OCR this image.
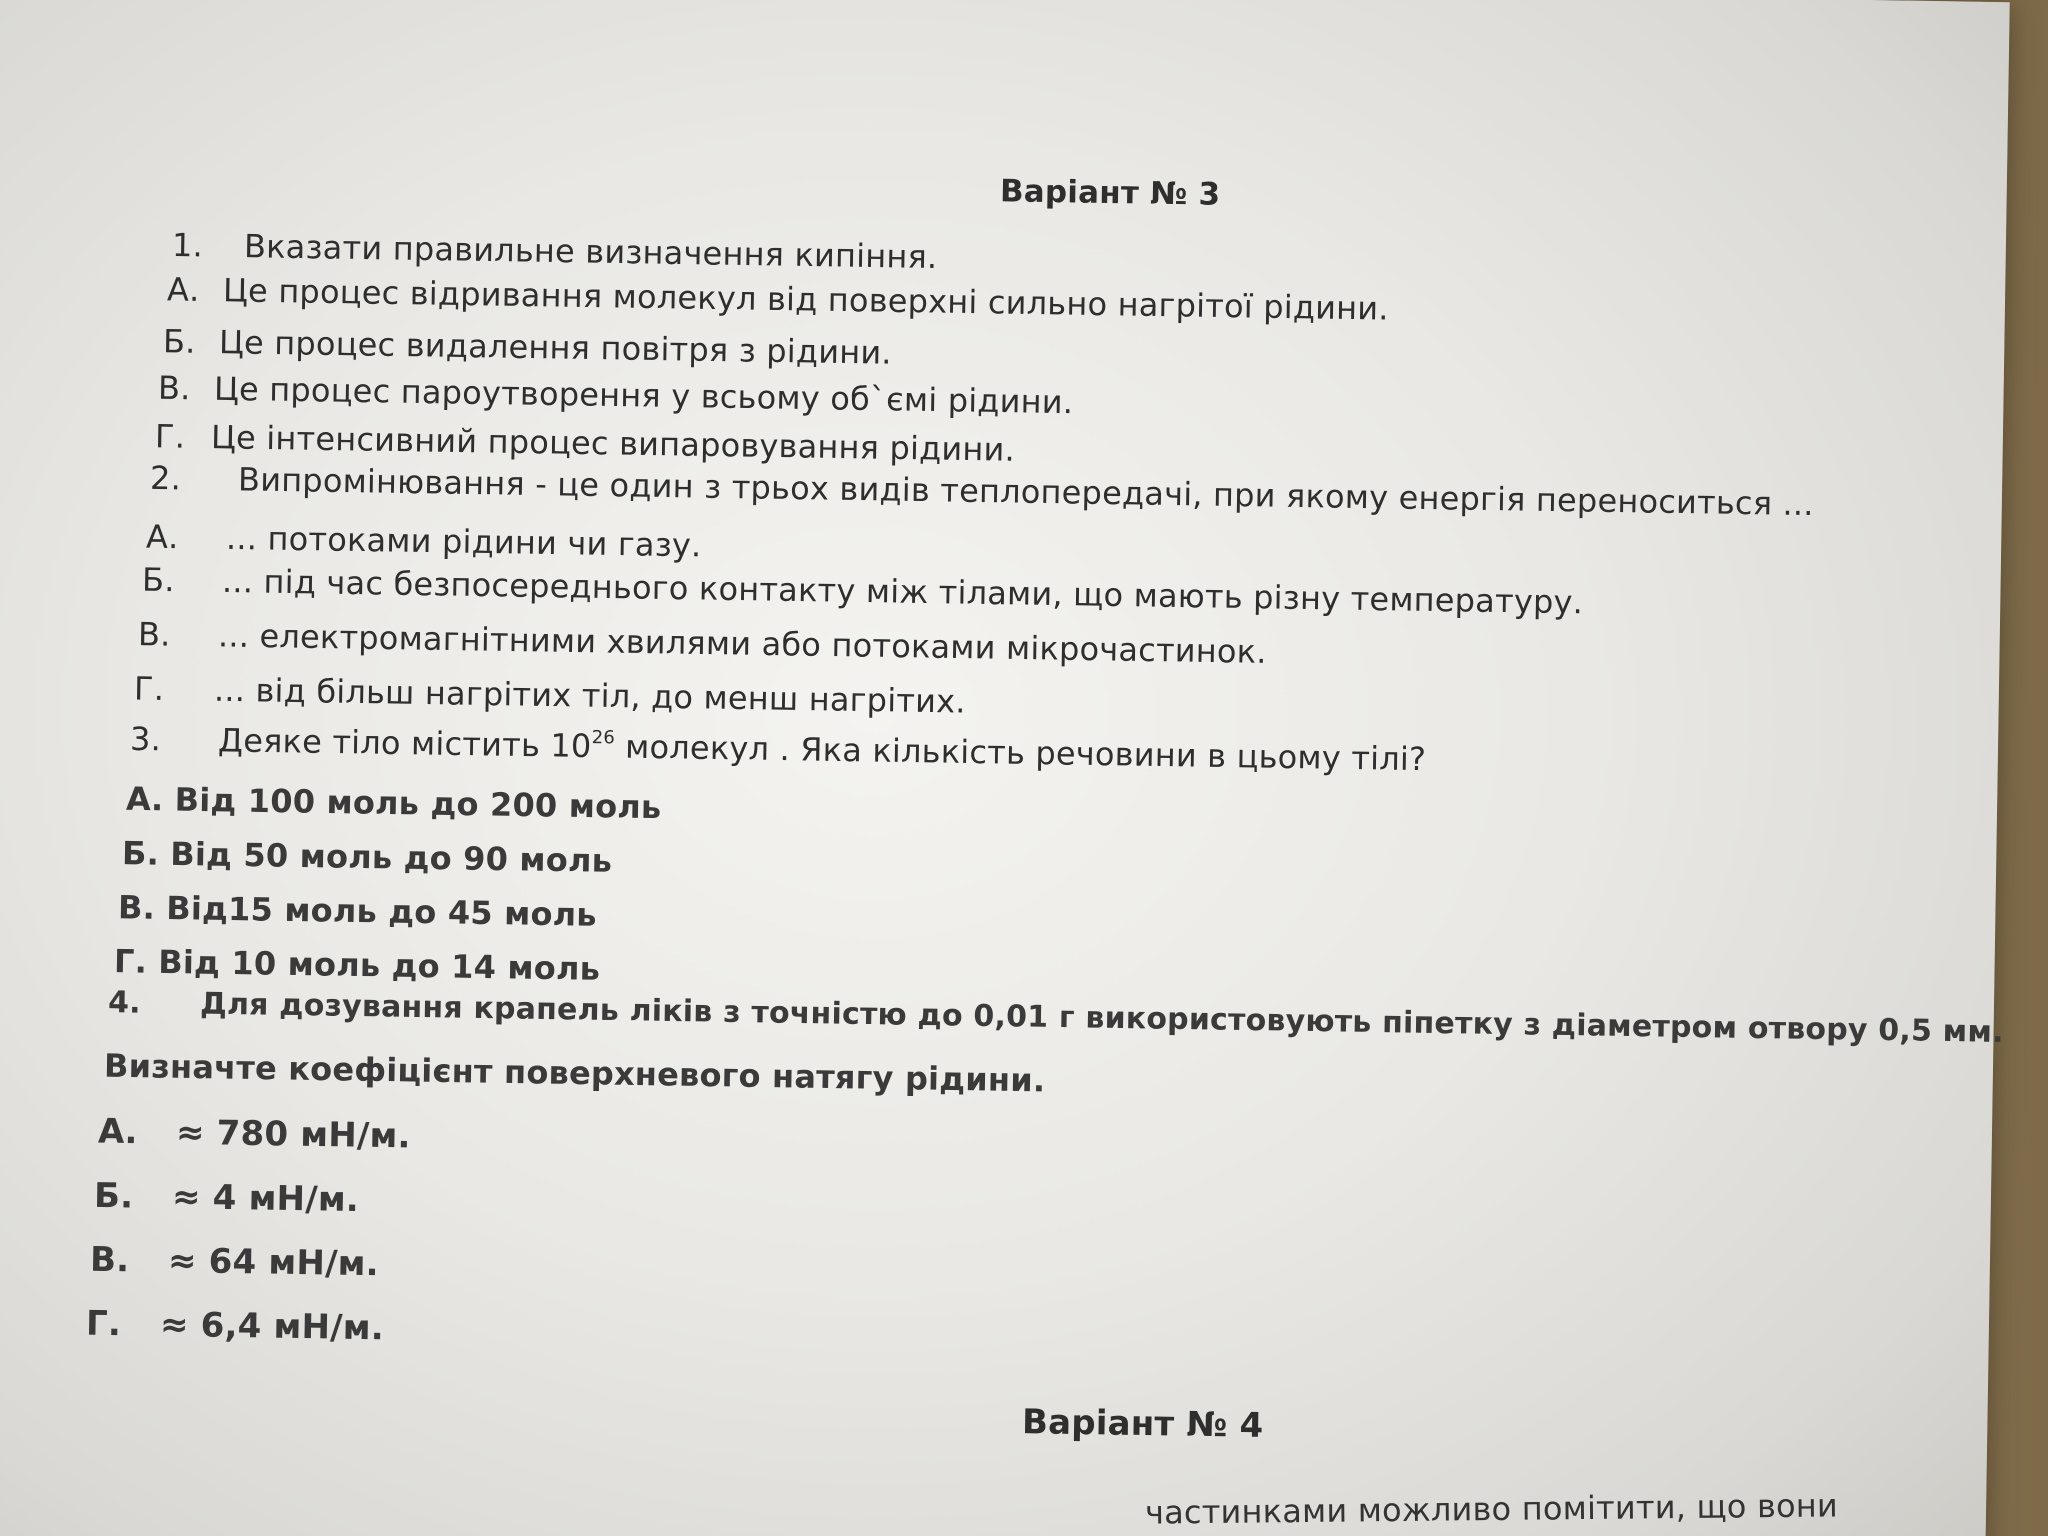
Варіант № 3
1. Вказати правильне визначення кипіння.
А. Це процес відривання молекул від поверхні сильно нагрітої рідини.
Б. Це процес видалення повітря з рідини.
В. Це процес пароутворення у всьому об`ємі рідини.
Г. Це інтенсивний процес випаровування рідини.
2. Випромінювання - це один з трьох видів теплопередачі, при якому енергія переноситься ...
А. ... потоками рідини чи газу.
Б. ... під час безпосереднього контакту між тілами, що мають різну температуру.
В. ... електромагнітними хвилями або потоками мікрочастинок.
Г. ... від більш нагрітих тіл, до менш нагрітих.
3. Деяке тіло містить $10^{26}$ молекул . Яка кількість речовини в цьому тілі?
А. Від 100 моль до 200 моль
Б. Від 50 моль до 90 моль
В. Від15 моль до 45 моль
Г. Від 10 моль до 14 моль
4. Для дозування крапель ліків з точністю до 0,01 г використовують піпетку з діаметром отвору 0,5 мм.
Визначте коефіцієнт поверхневого натягу рідини.
А. ≈ 780 мН/м.
Б. ≈ 4 мН/м.
В. ≈ 64 мН/м.
Г. ≈ 6,4 мН/м.
Варіант № 4
частинками можливо помітити, що вони
